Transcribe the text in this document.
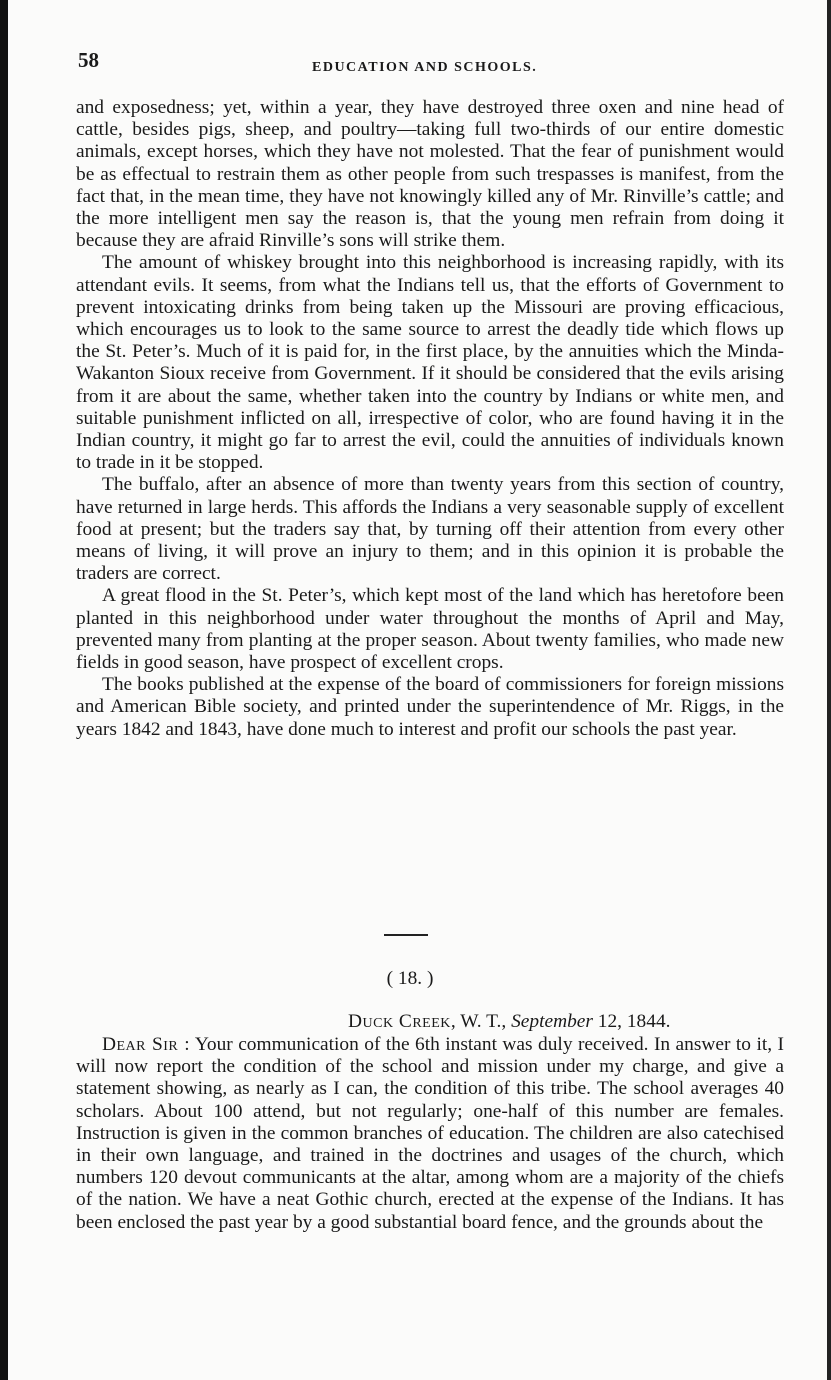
58	EDUCATION AND SCHOOLS.

and exposedness; yet, within a year, they have destroyed three oxen and nine head of cattle, besides pigs, sheep, and poultry—taking full two-thirds of our entire domestic animals, except horses, which they have not molested. That the fear of punishment would be as effectual to restrain them as other people from such trespasses is manifest, from the fact that, in the mean time, they have not knowingly killed any of Mr. Rinville’s cattle; and the more intelligent men say the reason is, that the young men refrain from doing it because they are afraid Rinville’s sons will strike them.

The amount of whiskey brought into this neighborhood is increasing rapidly, with its attendant evils. It seems, from what the Indians tell us, that the efforts of Government to prevent intoxicating drinks from being taken up the Missouri are proving efficacious, which encourages us to look to the same source to arrest the deadly tide which flows up the St. Peter’s. Much of it is paid for, in the first place, by the annuities which the Minda-Wakanton Sioux receive from Government. If it should be considered that the evils arising from it are about the same, whether taken into the country by Indians or white men, and suitable punishment inflicted on all, irrespective of color, who are found having it in the Indian country, it might go far to arrest the evil, could the annuities of individuals known to trade in it be stopped.

The buffalo, after an absence of more than twenty years from this section of country, have returned in large herds. This affords the Indians a very seasonable supply of excellent food at present; but the traders say that, by turning off their attention from every other means of living, it will prove an injury to them; and in this opinion it is probable the traders are correct.

A great flood in the St. Peter’s, which kept most of the land which has heretofore been planted in this neighborhood under water throughout the months of April and May, prevented many from planting at the proper season. About twenty families, who made new fields in good season, have prospect of excellent crops.

The books published at the expense of the board of commissioners for foreign missions and American Bible society, and printed under the superintendence of Mr. Riggs, in the years 1842 and 1843, have done much to interest and profit our schools the past year.

( 18. )
Duck Creek, W. T., September 12, 1844.

Dear Sir : Your communication of the 6th instant was duly received. In answer to it, I will now report the condition of the school and mission under my charge, and give a statement showing, as nearly as I can, the condition of this tribe. The school averages 40 scholars. About 100 attend, but not regularly; one-half of this number are females. Instruction is given in the common branches of education. The children are also catechised in their own language, and trained in the doctrines and usages of the church, which numbers 120 devout communicants at the altar, among whom are a majority of the chiefs of the nation. We have a neat Gothic church, erected at the expense of the Indians. It has been enclosed the past year by a good substantial board fence, and the grounds about the
